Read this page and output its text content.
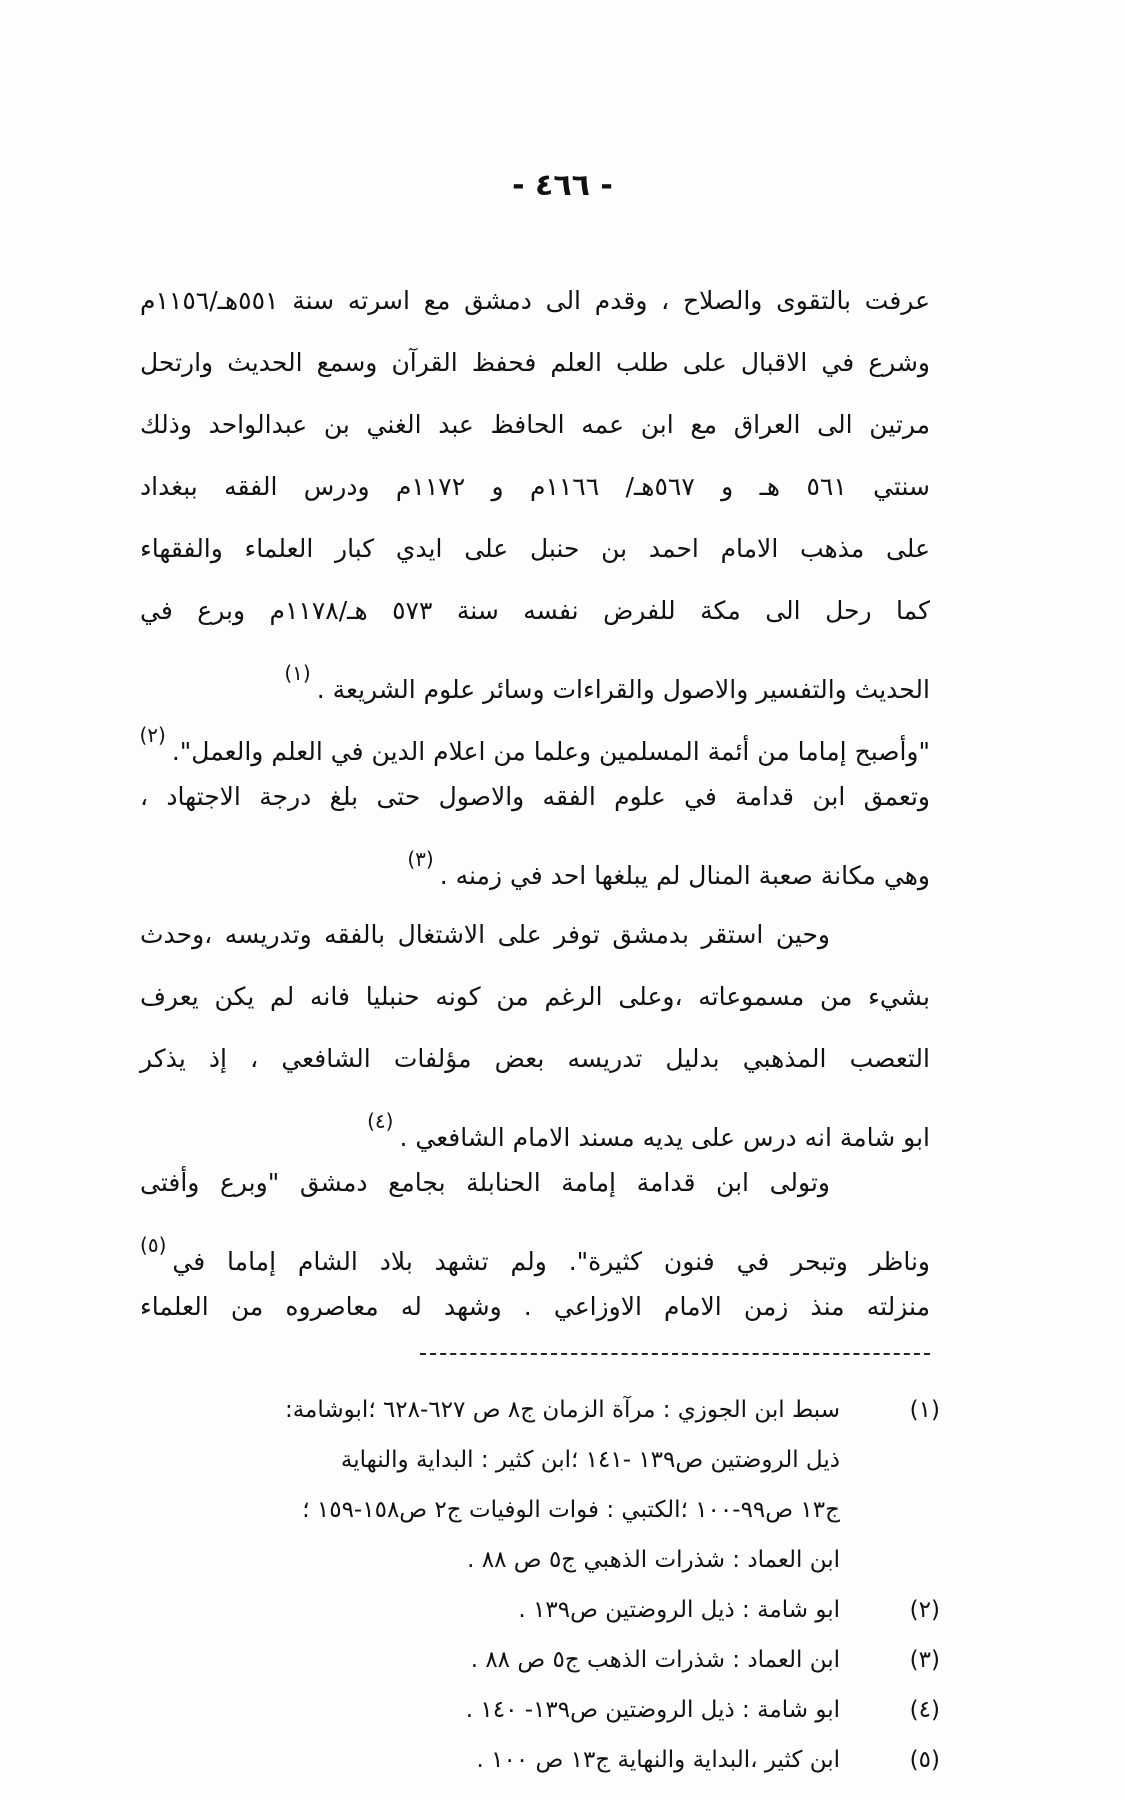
- ٤٦٦ -
عرفت بالتقوى والصلاح ، وقدم الى دمشق مع اسرته سنة ٥٥١هـ/١١٥٦م
وشرع في الاقبال على طلب العلم فحفظ القرآن وسمع الحديث وارتحل
مرتين الى العراق مع ابن عمه الحافظ عبد الغني بن عبدالواحد وذلك
سنتي ٥٦١ هـ و ٥٦٧هـ/ ١١٦٦م و ١١٧٢م ودرس الفقه ببغداد
على مذهب الامام احمد بن حنبل على ايدي كبار العلماء والفقهاء
كما رحل الى مكة للفرض نفسه سنة ٥٧٣ هـ/١١٧٨م وبرع في
الحديث والتفسير والاصول والقراءات وسائر علوم الشريعة .(١)
"وأصبح إماما من أئمة المسلمين وعلما من اعلام الدين في العلم والعمل".(٢)
وتعمق ابن قدامة في علوم الفقه والاصول حتى بلغ درجة الاجتهاد ،
وهي مكانة صعبة المنال لم يبلغها احد في زمنه .(٣)
وحين استقر بدمشق توفر على الاشتغال بالفقه وتدريسه ،وحدث
بشيء من مسموعاته ،وعلى الرغم من كونه حنبليا فانه لم يكن يعرف
التعصب المذهبي بدليل تدريسه بعض مؤلفات الشافعي ، إذ يذكر
ابو شامة انه درس على يديه مسند الامام الشافعي .(٤)
وتولى ابن قدامة إمامة الحنابلة بجامع دمشق "وبرع وأفتى
وناظر وتبحر في فنون كثيرة". ولم تشهد بلاد الشام إماما في(٥)
منزلته منذ زمن الامام الاوزاعي . وشهد له معاصروه من العلماء
(١)
سبط ابن الجوزي : مرآة الزمان ج٨ ص ٦٢٧-٦٢٨ ؛ابوشامة:
ذيل الروضتين ص١٣٩ -١٤١ ؛ابن كثير : البداية والنهاية
ج١٣ ص٩٩-١٠٠ ؛الكتبي : فوات الوفيات ج٢ ص١٥٨-١٥٩ ؛
ابن العماد : شذرات الذهبي ج٥ ص ٨٨ .
(٢)
ابو شامة : ذيل الروضتين ص١٣٩ .
(٣)
ابن العماد : شذرات الذهب ج٥ ص ٨٨ .
(٤)
ابو شامة : ذيل الروضتين ص١٣٩- ١٤٠ .
(٥)
ابن كثير ،البداية والنهاية ج١٣ ص ١٠٠ .
